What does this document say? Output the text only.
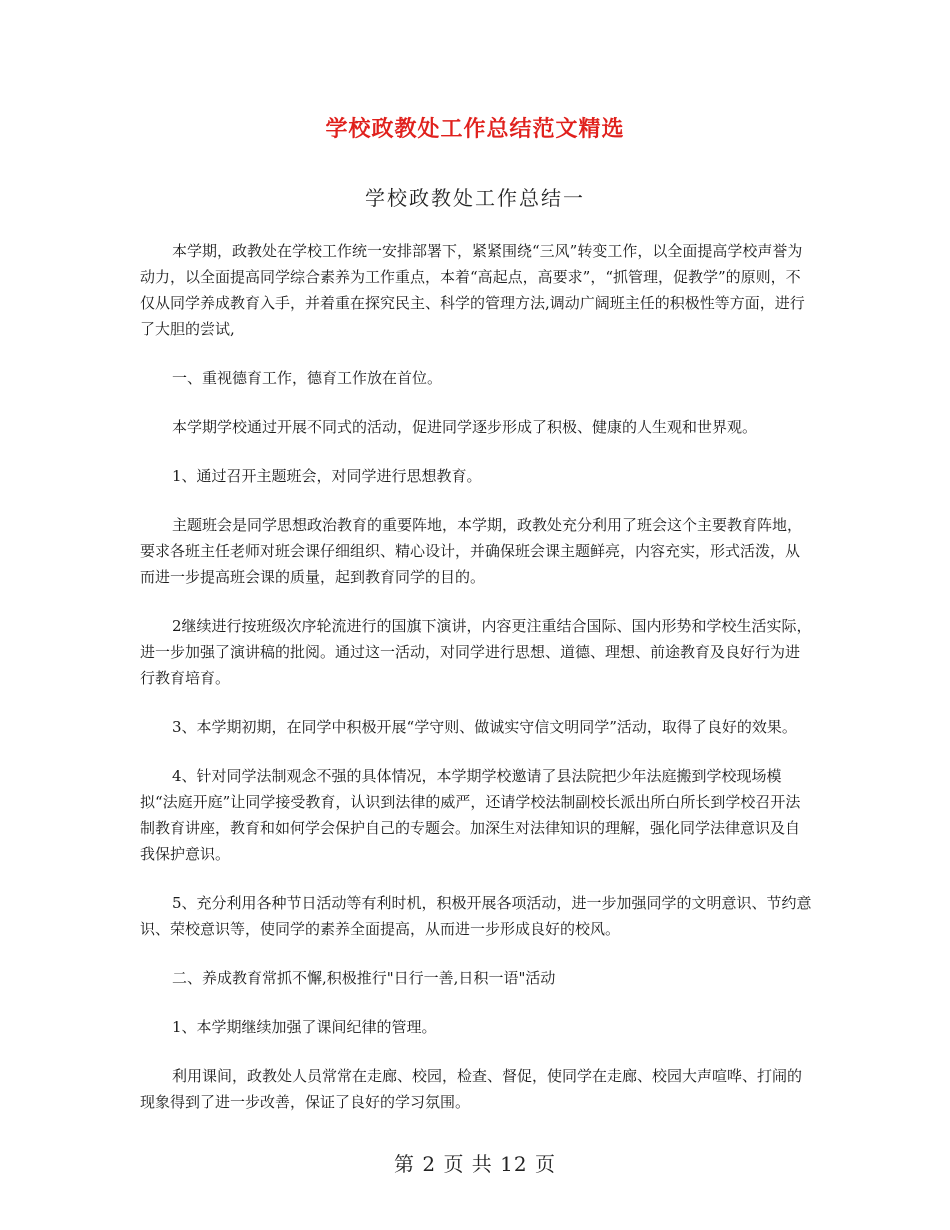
学校政教处工作总结范文精选
学校政教处工作总结一

本学期，政教处在学校工作统一安排部署下，紧紧围绕“三风”转变工作，以全面提高学校声誉为动力，以全面提高同学综合素养为工作重点，本着“高起点，高要求”，“抓管理，促教学”的原则，不仅从同学养成教育入手，并着重在探究民主、科学的管理方法,调动广阔班主任的积极性等方面，进行了大胆的尝试,

一、重视德育工作，德育工作放在首位。

本学期学校通过开展不同式的活动，促进同学逐步形成了积极、健康的人生观和世界观。

1、通过召开主题班会，对同学进行思想教育。

主题班会是同学思想政治教育的重要阵地，本学期，政教处充分利用了班会这个主要教育阵地，要求各班主任老师对班会课仔细组织、精心设计，并确保班会课主题鲜亮，内容充实，形式活泼，从而进一步提高班会课的质量，起到教育同学的目的。

2继续进行按班级次序轮流进行的国旗下演讲，内容更注重结合国际、国内形势和学校生活实际，进一步加强了演讲稿的批阅。通过这一活动，对同学进行思想、道德、理想、前途教育及良好行为进行教育培育。

3、本学期初期，在同学中积极开展“学守则、做诚实守信文明同学”活动，取得了良好的效果。

4、针对同学法制观念不强的具体情况，本学期学校邀请了县法院把少年法庭搬到学校现场模拟“法庭开庭”让同学接受教育，认识到法律的威严，还请学校法制副校长派出所白所长到学校召开法制教育讲座，教育和如何学会保护自己的专题会。加深生对法律知识的理解，强化同学法律意识及自我保护意识。

5、充分利用各种节日活动等有利时机，积极开展各项活动，进一步加强同学的文明意识、节约意识、荣校意识等，使同学的素养全面提高，从而进一步形成良好的校风。

二、养成教育常抓不懈,积极推行"日行一善,日积一语"活动

1、本学期继续加强了课间纪律的管理。

利用课间，政教处人员常常在走廊、校园，检查、督促，使同学在走廊、校园大声喧哗、打闹的现象得到了进一步改善，保证了良好的学习氛围。

第 2 页 共 12 页
